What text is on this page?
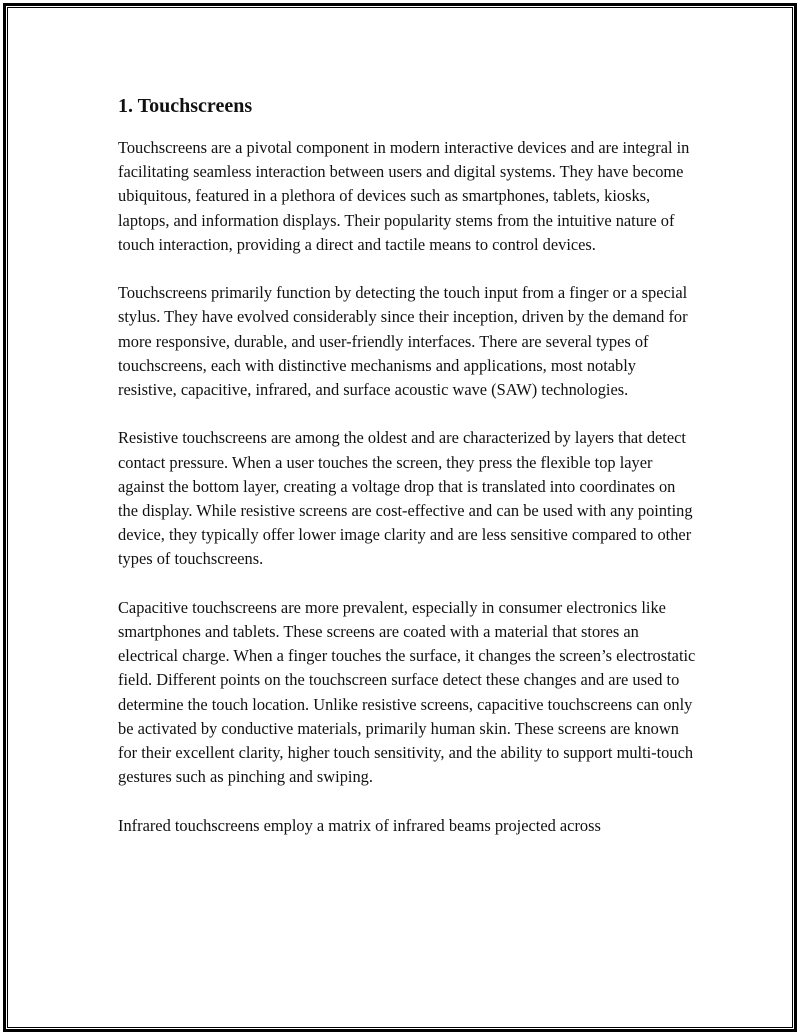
1. Touchscreens

Touchscreens are a pivotal component in modern interactive devices and are integral in facilitating seamless interaction between users and digital systems. They have become ubiquitous, featured in a plethora of devices such as smartphones, tablets, kiosks, laptops, and information displays. Their popularity stems from the intuitive nature of touch interaction, providing a direct and tactile means to control devices.

Touchscreens primarily function by detecting the touch input from a finger or a special stylus. They have evolved considerably since their inception, driven by the demand for more responsive, durable, and user-friendly interfaces. There are several types of touchscreens, each with distinctive mechanisms and applications, most notably resistive, capacitive, infrared, and surface acoustic wave (SAW) technologies.

Resistive touchscreens are among the oldest and are characterized by layers that detect contact pressure. When a user touches the screen, they press the flexible top layer against the bottom layer, creating a voltage drop that is translated into coordinates on the display. While resistive screens are cost-effective and can be used with any pointing device, they typically offer lower image clarity and are less sensitive compared to other types of touchscreens.

Capacitive touchscreens are more prevalent, especially in consumer electronics like smartphones and tablets. These screens are coated with a material that stores an electrical charge. When a finger touches the surface, it changes the screen’s electrostatic field. Different points on the touchscreen surface detect these changes and are used to determine the touch location. Unlike resistive screens, capacitive touchscreens can only be activated by conductive materials, primarily human skin. These screens are known for their excellent clarity, higher touch sensitivity, and the ability to support multi-touch gestures such as pinching and swiping.

Infrared touchscreens employ a matrix of infrared beams projected across
